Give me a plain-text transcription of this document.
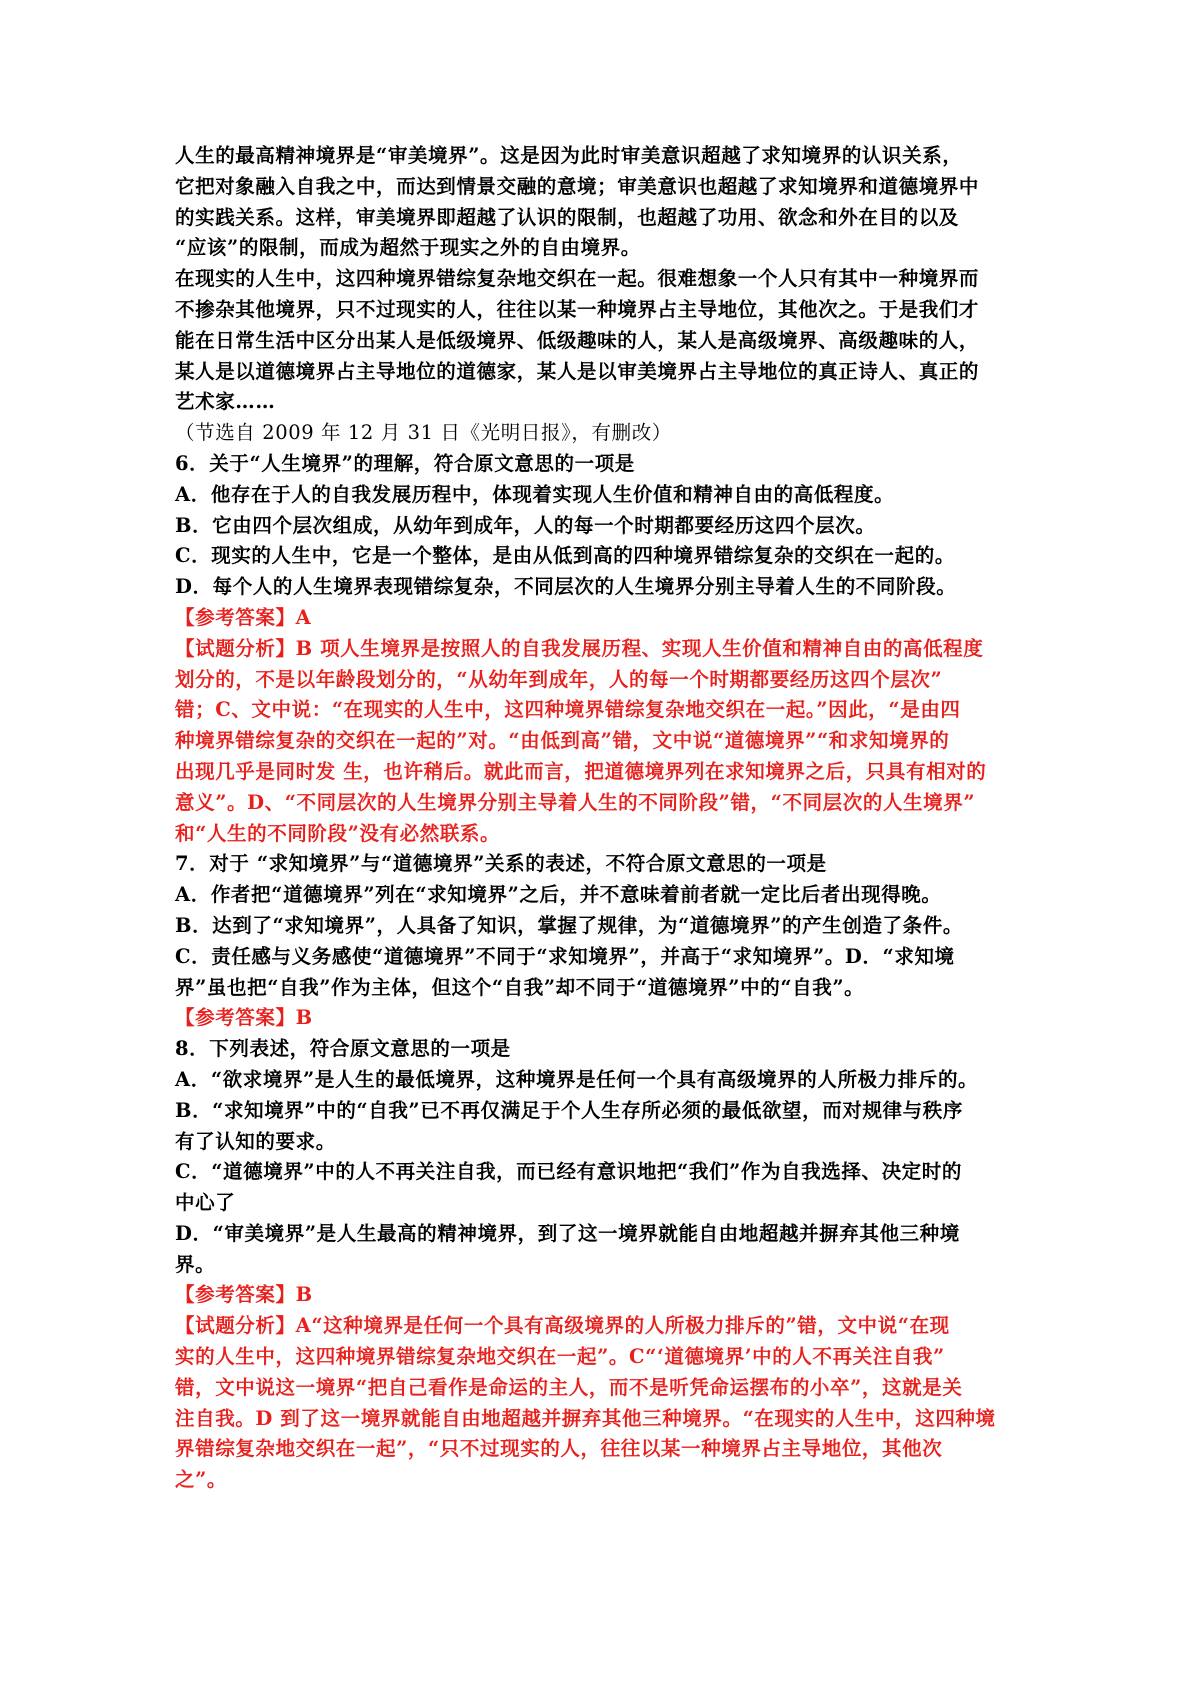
人生的最高精神境界是“审美境界”。这是因为此时审美意识超越了求知境界的认识关系，
它把对象融入自我之中，而达到情景交融的意境；审美意识也超越了求知境界和道德境界中
的实践关系。这样，审美境界即超越了认识的限制，也超越了功用、欲念和外在目的以及
“应该”的限制，而成为超然于现实之外的自由境界。
在现实的人生中，这四种境界错综复杂地交织在一起。很难想象一个人只有其中一种境界而
不掺杂其他境界，只不过现实的人，往往以某一种境界占主导地位，其他次之。于是我们才
能在日常生活中区分出某人是低级境界、低级趣味的人，某人是高级境界、高级趣味的人，
某人是以道德境界占主导地位的道德家，某人是以审美境界占主导地位的真正诗人、真正的
艺术家……
（节选自 2009 年 12 月 31 日《光明日报》，有删改）
6．关于“人生境界”的理解，符合原文意思的一项是
A．他存在于人的自我发展历程中，体现着实现人生价值和精神自由的高低程度。
B．它由四个层次组成，从幼年到成年，人的每一个时期都要经历这四个层次。
C．现实的人生中，它是一个整体，是由从低到高的四种境界错综复杂的交织在一起的。
D．每个人的人生境界表现错综复杂，不同层次的人生境界分别主导着人生的不同阶段。
【参考答案】A
【试题分析】B 项人生境界是按照人的自我发展历程、实现人生价值和精神自由的高低程度
划分的，不是以年龄段划分的，“从幼年到成年，人的每一个时期都要经历这四个层次”
错；C、文中说：“在现实的人生中，这四种境界错综复杂地交织在一起。”因此，“是由四
种境界错综复杂的交织在一起的”对。“由低到高”错，文中说“道德境界”“和求知境界的
出现几乎是同时发 生，也许稍后。就此而言，把道德境界列在求知境界之后，只具有相对的
意义”。D、“不同层次的人生境界分别主导着人生的不同阶段”错，“不同层次的人生境界”
和“人生的不同阶段”没有必然联系。
7．对于 “求知境界”与“道德境界”关系的表述，不符合原文意思的一项是
A．作者把“道德境界”列在“求知境界”之后，并不意味着前者就一定比后者出现得晚。
B．达到了“求知境界”，人具备了知识，掌握了规律，为“道德境界”的产生创造了条件。
C．责任感与义务感使“道德境界”不同于“求知境界”，并高于“求知境界”。D．“求知境
界”虽也把“自我”作为主体，但这个“自我”却不同于“道德境界”中的“自我”。
【参考答案】B
8．下列表述，符合原文意思的一项是
A．“欲求境界”是人生的最低境界，这种境界是任何一个具有高级境界的人所极力排斥的。
B．“求知境界”中的“自我”已不再仅满足于个人生存所必须的最低欲望，而对规律与秩序
有了认知的要求。
C．“道德境界”中的人不再关注自我，而已经有意识地把“我们”作为自我选择、决定时的
中心了
D．“审美境界”是人生最高的精神境界，到了这一境界就能自由地超越并摒弃其他三种境
界。
【参考答案】B
【试题分析】A“这种境界是任何一个具有高级境界的人所极力排斥的”错，文中说“在现
实的人生中，这四种境界错综复杂地交织在一起”。C“‘道德境界’中的人不再关注自我”
错，文中说这一境界“把自己看作是命运的主人，而不是听凭命运摆布的小卒”，这就是关
注自我。D 到了这一境界就能自由地超越并摒弃其他三种境界。“在现实的人生中，这四种境
界错综复杂地交织在一起”，“只不过现实的人，往往以某一种境界占主导地位，其他次
之”。
